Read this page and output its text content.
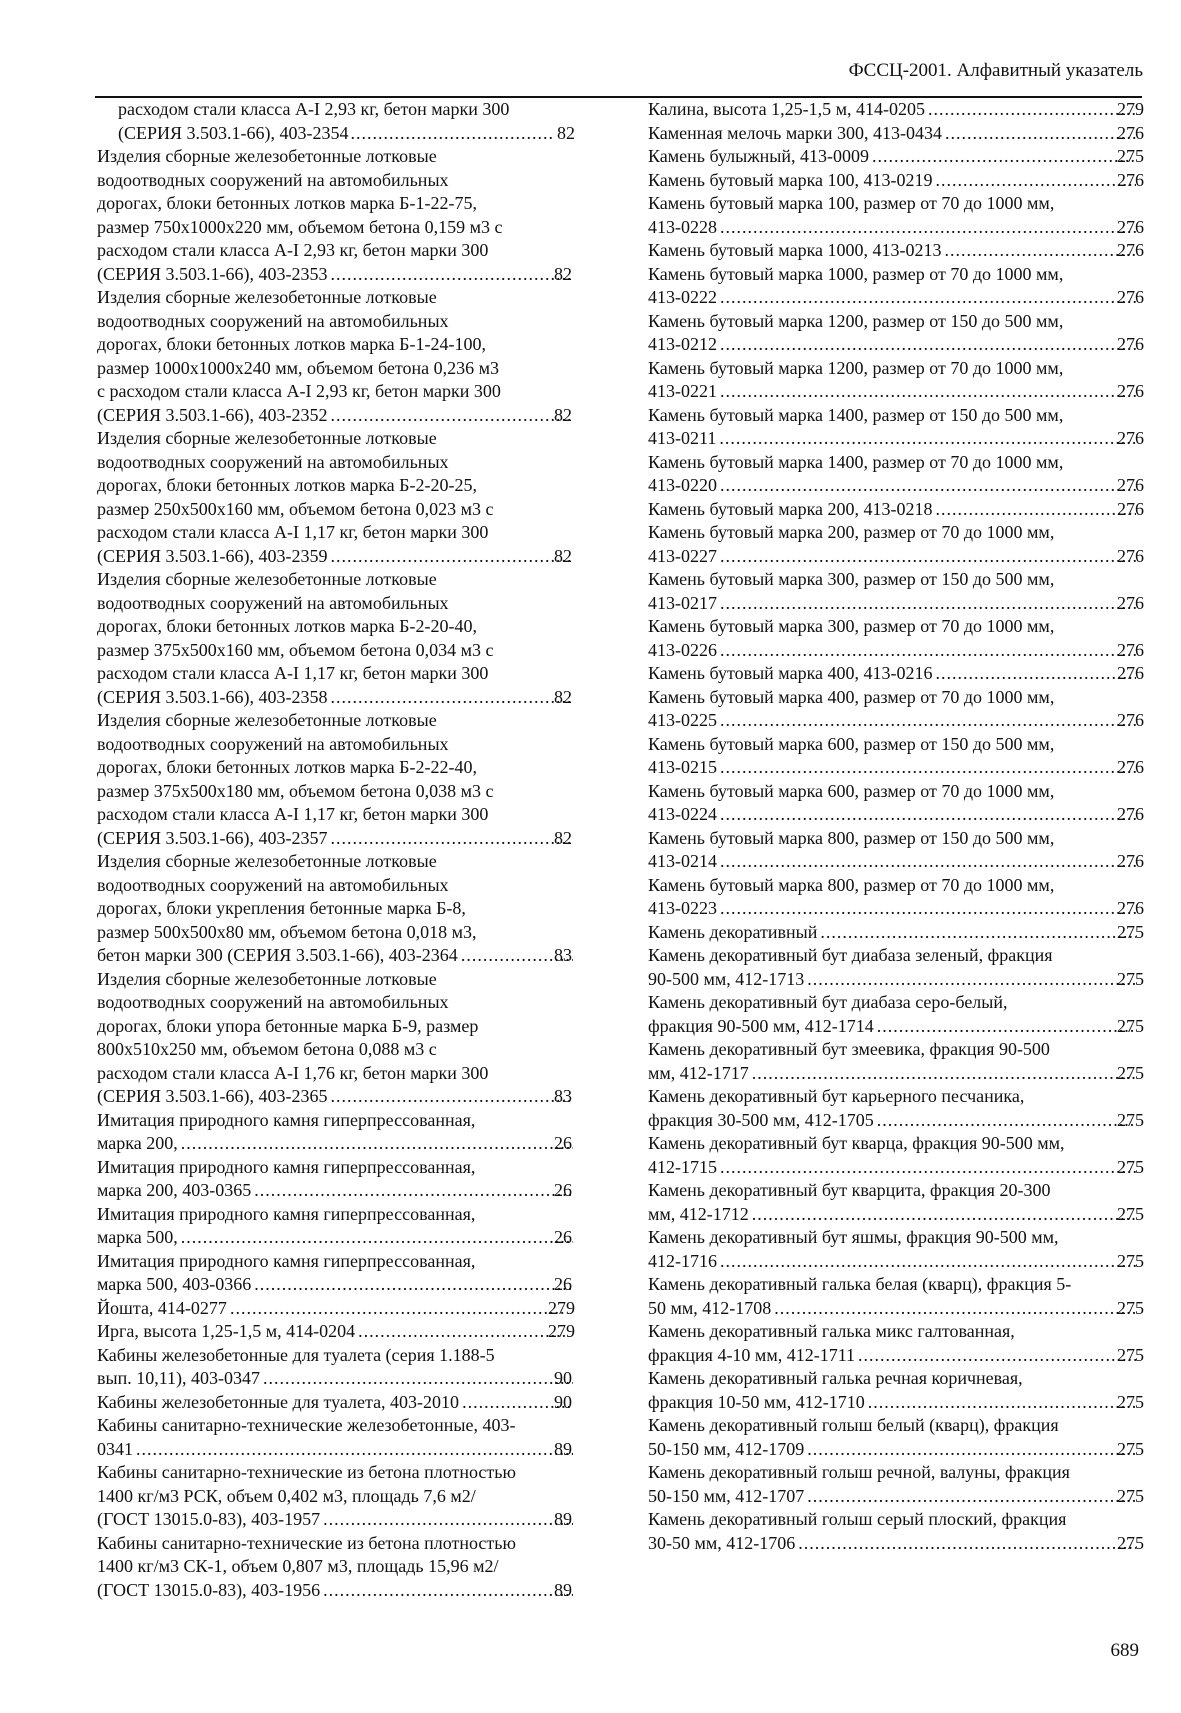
ФССЦ-2001. Алфавитный указатель
расходом стали класса А-I 2,93 кг, бетон марки 300
(СЕРИЯ 3.503.1-66), 403-2354 .....	82
Изделия сборные железобетонные лотковые
водоотводных сооружений на автомобильных
дорогах, блоки бетонных лотков марка Б-1-22-75,
размер 750х1000х220 мм, объемом бетона 0,159 м3 с
расходом стали класса А-I 2,93 кг, бетон марки 300
(СЕРИЯ 3.503.1-66), 403-2353 .....	82
Изделия сборные железобетонные лотковые
водоотводных сооружений на автомобильных
дорогах, блоки бетонных лотков марка Б-1-24-100,
размер 1000х1000х240 мм, объемом бетона 0,236 м3
с расходом стали класса А-I 2,93 кг, бетон марки 300
(СЕРИЯ 3.503.1-66), 403-2352 .....	82
Изделия сборные железобетонные лотковые
водоотводных сооружений на автомобильных
дорогах, блоки бетонных лотков марка Б-2-20-25,
размер 250х500х160 мм, объемом бетона 0,023 м3 с
расходом стали класса А-I 1,17 кг, бетон марки 300
(СЕРИЯ 3.503.1-66), 403-2359 .....	82
Изделия сборные железобетонные лотковые
водоотводных сооружений на автомобильных
дорогах, блоки бетонных лотков марка Б-2-20-40,
размер 375х500х160 мм, объемом бетона 0,034 м3 с
расходом стали класса А-I 1,17 кг, бетон марки 300
(СЕРИЯ 3.503.1-66), 403-2358 .....	82
Изделия сборные железобетонные лотковые
водоотводных сооружений на автомобильных
дорогах, блоки бетонных лотков марка Б-2-22-40,
размер 375х500х180 мм, объемом бетона 0,038 м3 с
расходом стали класса А-I 1,17 кг, бетон марки 300
(СЕРИЯ 3.503.1-66), 403-2357 .....	82
Изделия сборные железобетонные лотковые
водоотводных сооружений на автомобильных
дорогах, блоки укрепления бетонные марка Б-8,
размер 500х500х80 мм, объемом бетона 0,018 м3,
бетон марки 300 (СЕРИЯ 3.503.1-66), 403-2364 .....	83
Изделия сборные железобетонные лотковые
водоотводных сооружений на автомобильных
дорогах, блоки упора бетонные марка Б-9, размер
800х510х250 мм, объемом бетона 0,088 м3 с
расходом стали класса А-I 1,76 кг, бетон марки 300
(СЕРИЯ 3.503.1-66), 403-2365 .....	83
Имитация природного камня гиперпрессованная,
марка 200, .....	26
Имитация природного камня гиперпрессованная,
марка 200, 403-0365 .....	26
Имитация природного камня гиперпрессованная,
марка 500, .....	26
Имитация природного камня гиперпрессованная,
марка 500, 403-0366 .....	26
Йошта, 414-0277 .....	279
Ирга, высота 1,25-1,5 м, 414-0204 .....	279
Кабины железобетонные для туалета (серия 1.188-5
вып. 10,11), 403-0347 .....	90
Кабины железобетонные для туалета, 403-2010 .....	90
Кабины санитарно-технические железобетонные, 403-
0341 .....	89
Кабины санитарно-технические из бетона плотностью
1400 кг/м3 РСК, объем 0,402 м3, площадь 7,6 м2/
(ГОСТ 13015.0-83), 403-1957 .....	89
Кабины санитарно-технические из бетона плотностью
1400 кг/м3 СК-1, объем 0,807 м3, площадь 15,96 м2/
(ГОСТ 13015.0-83), 403-1956 .....	89
Калина, высота 1,25-1,5 м, 414-0205 .....	279
Каменная мелочь марки 300, 413-0434 .....	276
Камень булыжный, 413-0009 .....	275
Камень бутовый марка 100, 413-0219 .....	276
Камень бутовый марка 100, размер от 70 до 1000 мм,
413-0228 .....	276
Камень бутовый марка 1000, 413-0213 .....	276
Камень бутовый марка 1000, размер от 70 до 1000 мм,
413-0222 .....	276
Камень бутовый марка 1200, размер от 150 до 500 мм,
413-0212 .....	276
Камень бутовый марка 1200, размер от 70 до 1000 мм,
413-0221 .....	276
Камень бутовый марка 1400, размер от 150 до 500 мм,
413-0211 .....	276
Камень бутовый марка 1400, размер от 70 до 1000 мм,
413-0220 .....	276
Камень бутовый марка 200, 413-0218 .....	276
Камень бутовый марка 200, размер от 70 до 1000 мм,
413-0227 .....	276
Камень бутовый марка 300, размер от 150 до 500 мм,
413-0217 .....	276
Камень бутовый марка 300, размер от 70 до 1000 мм,
413-0226 .....	276
Камень бутовый марка 400, 413-0216 .....	276
Камень бутовый марка 400, размер от 70 до 1000 мм,
413-0225 .....	276
Камень бутовый марка 600, размер от 150 до 500 мм,
413-0215 .....	276
Камень бутовый марка 600, размер от 70 до 1000 мм,
413-0224 .....	276
Камень бутовый марка 800, размер от 150 до 500 мм,
413-0214 .....	276
Камень бутовый марка 800, размер от 70 до 1000 мм,
413-0223 .....	276
Камень декоративный .....	275
Камень декоративный бут диабаза зеленый, фракция
90-500 мм, 412-1713 .....	275
Камень декоративный бут диабаза серо-белый,
фракция 90-500 мм, 412-1714 .....	275
Камень декоративный бут змеевика, фракция 90-500
мм, 412-1717 .....	275
Камень декоративный бут карьерного песчаника,
фракция 30-500 мм, 412-1705 .....	275
Камень декоративный бут кварца, фракция 90-500 мм,
412-1715 .....	275
Камень декоративный бут кварцита, фракция 20-300
мм, 412-1712 .....	275
Камень декоративный бут яшмы, фракция 90-500 мм,
412-1716 .....	275
Камень декоративный галька белая (кварц), фракция 5-
50 мм, 412-1708 .....	275
Камень декоративный галька микс галтованная,
фракция 4-10 мм, 412-1711 .....	275
Камень декоративный галька речная коричневая,
фракция 10-50 мм, 412-1710 .....	275
Камень декоративный голыш белый (кварц), фракция
50-150 мм, 412-1709 .....	275
Камень декоративный голыш речной, валуны, фракция
50-150 мм, 412-1707 .....	275
Камень декоративный голыш серый плоский, фракция
30-50 мм, 412-1706 .....	275
689
